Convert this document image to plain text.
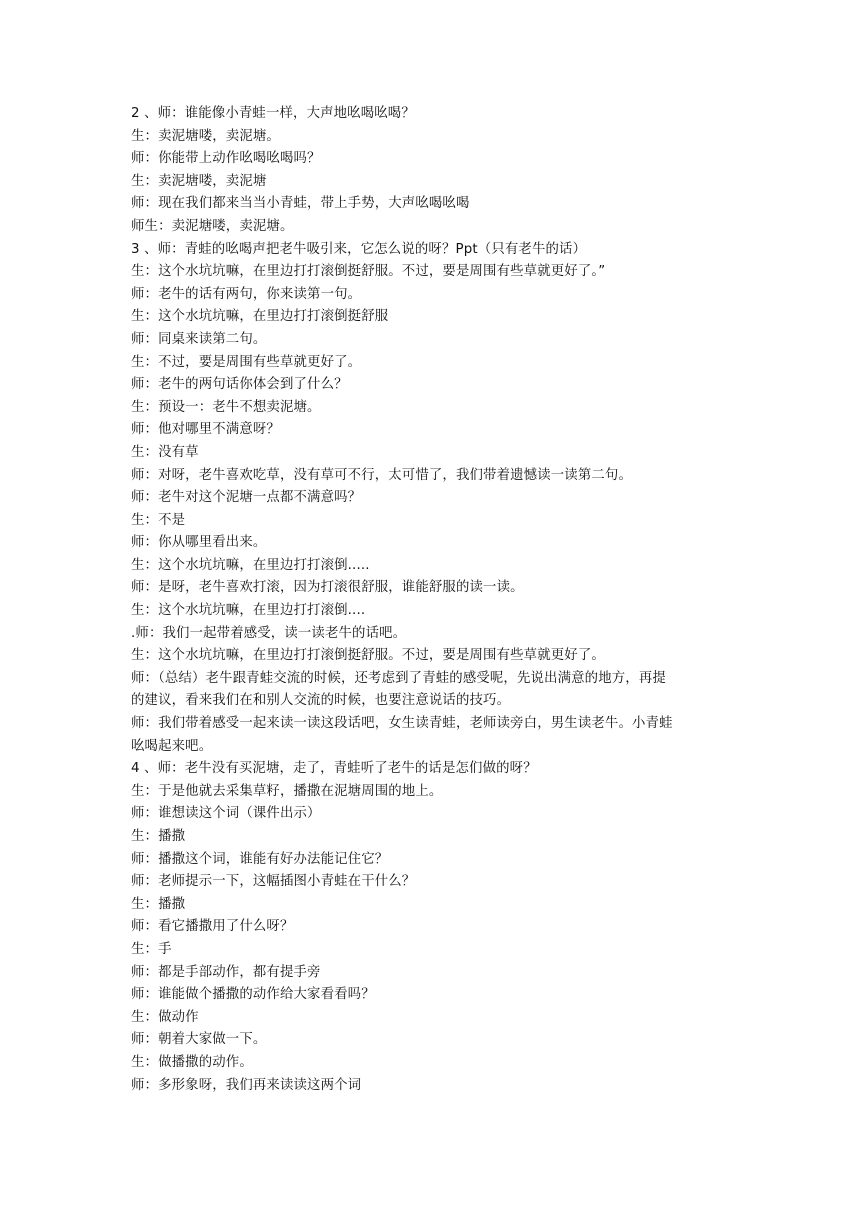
2 、师：谁能像小青蛙一样，大声地吆喝吆喝？
生：卖泥塘喽，卖泥塘。
师：你能带上动作吆喝吆喝吗？
生：卖泥塘喽，卖泥塘
师：现在我们都来当当小青蛙，带上手势，大声吆喝吆喝
师生：卖泥塘喽，卖泥塘。
3 、师：青蛙的吆喝声把老牛吸引来，它怎么说的呀？Ppt（只有老牛的话）
生：这个水坑坑嘛，在里边打打滚倒挺舒服。不过，要是周围有些草就更好了。”
师：老牛的话有两句，你来读第一句。
生：这个水坑坑嘛，在里边打打滚倒挺舒服
师：同桌来读第二句。
生：不过，要是周围有些草就更好了。
师：老牛的两句话你体会到了什么？
生：预设一：老牛不想卖泥塘。
师：他对哪里不满意呀？
生：没有草
师：对呀，老牛喜欢吃草，没有草可不行，太可惜了，我们带着遗憾读一读第二句。
师：老牛对这个泥塘一点都不满意吗？
生：不是
师：你从哪里看出来。
生：这个水坑坑嘛，在里边打打滚倒.....
师：是呀，老牛喜欢打滚，因为打滚很舒服，谁能舒服的读一读。
生：这个水坑坑嘛，在里边打打滚倒....
.师：我们一起带着感受，读一读老牛的话吧。
生：这个水坑坑嘛，在里边打打滚倒挺舒服。不过，要是周围有些草就更好了。
师：（总结）老牛跟青蛙交流的时候，还考虑到了青蛙的感受呢，先说出满意的地方，再提
的建议，看来我们在和别人交流的时候，也要注意说话的技巧。
师：我们带着感受一起来读一读这段话吧，女生读青蛙，老师读旁白，男生读老牛。小青蛙
吆喝起来吧。
4 、师：老牛没有买泥塘，走了，青蛙听了老牛的话是怎们做的呀？
生：于是他就去采集草籽，播撒在泥塘周围的地上。
师：谁想读这个词（课件出示）
生：播撒
师：播撒这个词，谁能有好办法能记住它？
师：老师提示一下，这幅插图小青蛙在干什么？
生：播撒
师：看它播撒用了什么呀？
生：手
师：都是手部动作，都有提手旁
师：谁能做个播撒的动作给大家看看吗？
生：做动作
师：朝着大家做一下。
生：做播撒的动作。
师：多形象呀，我们再来读读这两个词
